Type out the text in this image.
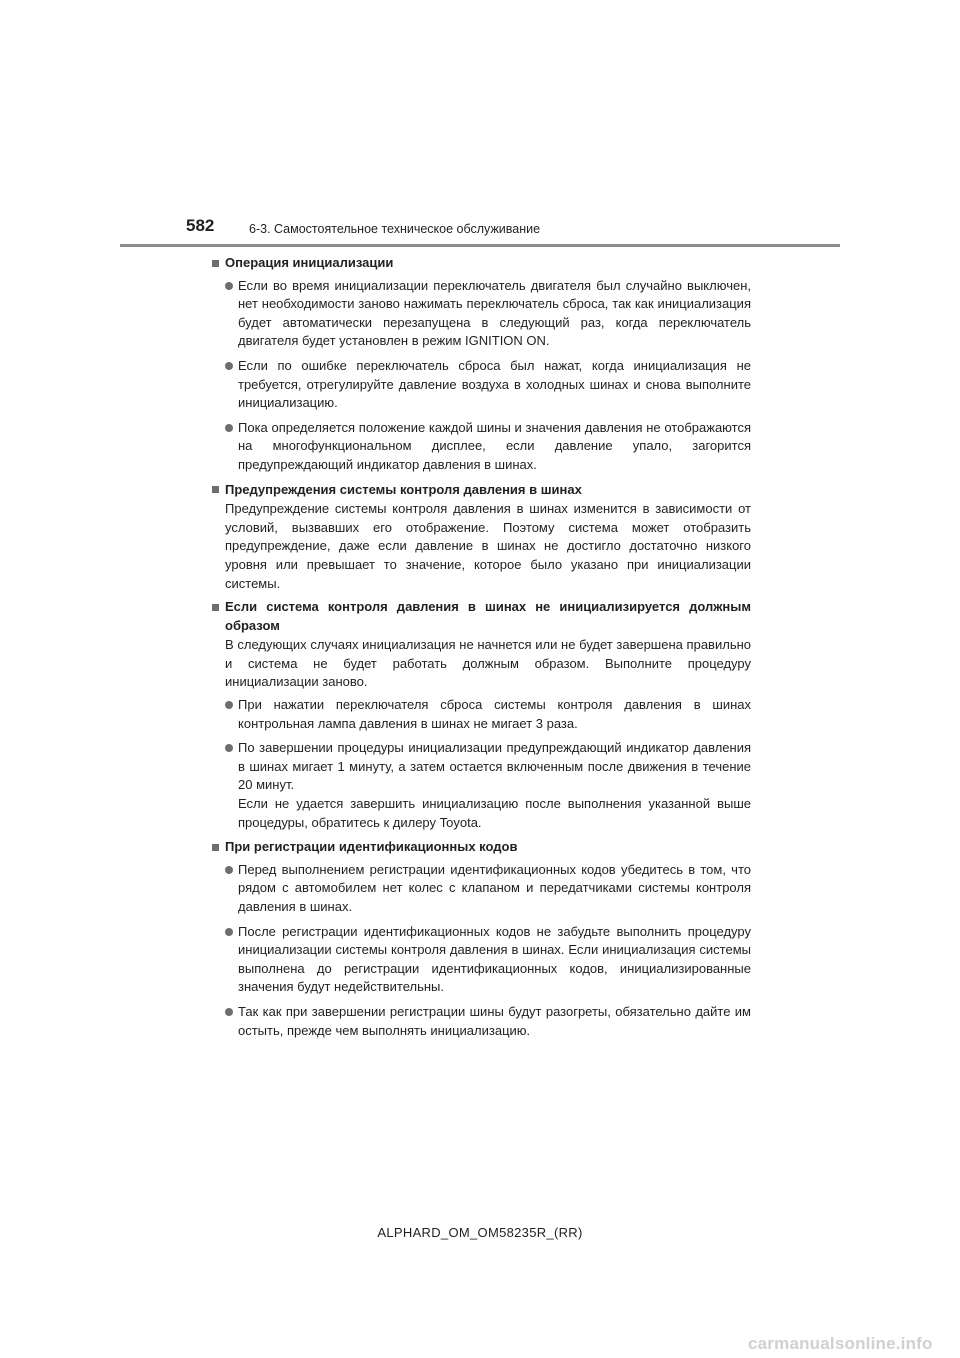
582	6-3. Самостоятельное техническое обслуживание
Операция инициализации

Если во время инициализации переключатель двигателя был случайно выключен, нет необходимости заново нажимать переключатель сброса, так как инициализация будет автоматически перезапущена в следующий раз, когда переключатель двигателя будет установлен в режим IGNITION ON.

Если по ошибке переключатель сброса был нажат, когда инициализация не требуется, отрегулируйте давление воздуха в холодных шинах и снова выполните инициализацию.

Пока определяется положение каждой шины и значения давления не отображаются на многофункциональном дисплее, если давление упало, загорится предупреждающий индикатор давления в шинах.

Предупреждения системы контроля давления в шинах
Предупреждение системы контроля давления в шинах изменится в зависимости от условий, вызвавших его отображение. Поэтому система может отобразить предупреждение, даже если давление в шинах не достигло достаточно низкого уровня или превышает то значение, которое было указано при инициализации системы.
Если система контроля давления в шинах не инициализируется должным образом
В следующих случаях инициализация не начнется или не будет завершена правильно и система не будет работать должным образом. Выполните процедуру инициализации заново.

При нажатии переключателя сброса системы контроля давления в шинах контрольная лампа давления в шинах не мигает 3 раза.

По завершении процедуры инициализации предупреждающий индикатор давления в шинах мигает 1 минуту, а затем остается включенным после движения в течение 20 минут.

Если не удается завершить инициализацию после выполнения указанной выше процедуры, обратитесь к дилеру Toyota.

При регистрации идентификационных кодов

Перед выполнением регистрации идентификационных кодов убедитесь в том, что рядом с автомобилем нет колес с клапаном и передатчиками системы контроля давления в шинах.

После регистрации идентификационных кодов не забудьте выполнить процедуру инициализации системы контроля давления в шинах. Если инициализация системы выполнена до регистрации идентификационных кодов, инициализированные значения будут недействительны.

Так как при завершении регистрации шины будут разогреты, обязательно дайте им остыть, прежде чем выполнять инициализацию.

ALPHARD_OM_OM58235R_(RR)
carmanualsonline.info
